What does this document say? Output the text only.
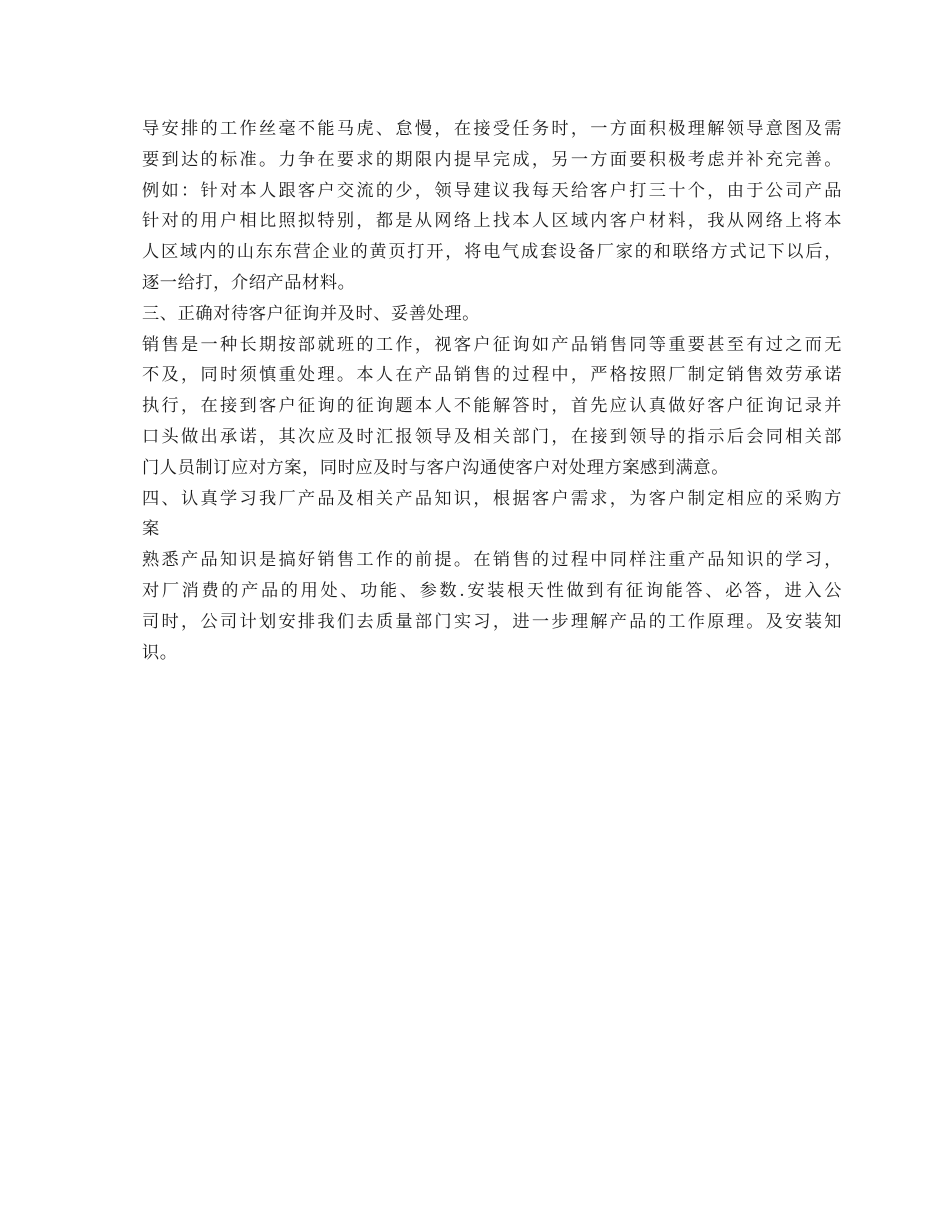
导安排的工作丝毫不能马虎、怠慢，在接受任务时，一方面积极理解领导意图及需
要到达的标准。力争在要求的期限内提早完成，另一方面要积极考虑并补充完善。
例如：针对本人跟客户交流的少，领导建议我每天给客户打三十个，由于公司产品
针对的用户相比照拟特别，都是从网络上找本人区域内客户材料，我从网络上将本
人区域内的山东东营企业的黄页打开，将电气成套设备厂家的和联络方式记下以后，
逐一给打，介绍产品材料。
三、正确对待客户征询并及时、妥善处理。
销售是一种长期按部就班的工作，视客户征询如产品销售同等重要甚至有过之而无
不及，同时须慎重处理。本人在产品销售的过程中，严格按照厂制定销售效劳承诺
执行，在接到客户征询的征询题本人不能解答时，首先应认真做好客户征询记录并
口头做出承诺，其次应及时汇报领导及相关部门，在接到领导的指示后会同相关部
门人员制订应对方案，同时应及时与客户沟通使客户对处理方案感到满意。
四、认真学习我厂产品及相关产品知识，根据客户需求，为客户制定相应的采购方
案
熟悉产品知识是搞好销售工作的前提。在销售的过程中同样注重产品知识的学习，
对厂消费的产品的用处、功能、参数.安装根天性做到有征询能答、必答，进入公
司时，公司计划安排我们去质量部门实习，进一步理解产品的工作原理。及安装知
识。
